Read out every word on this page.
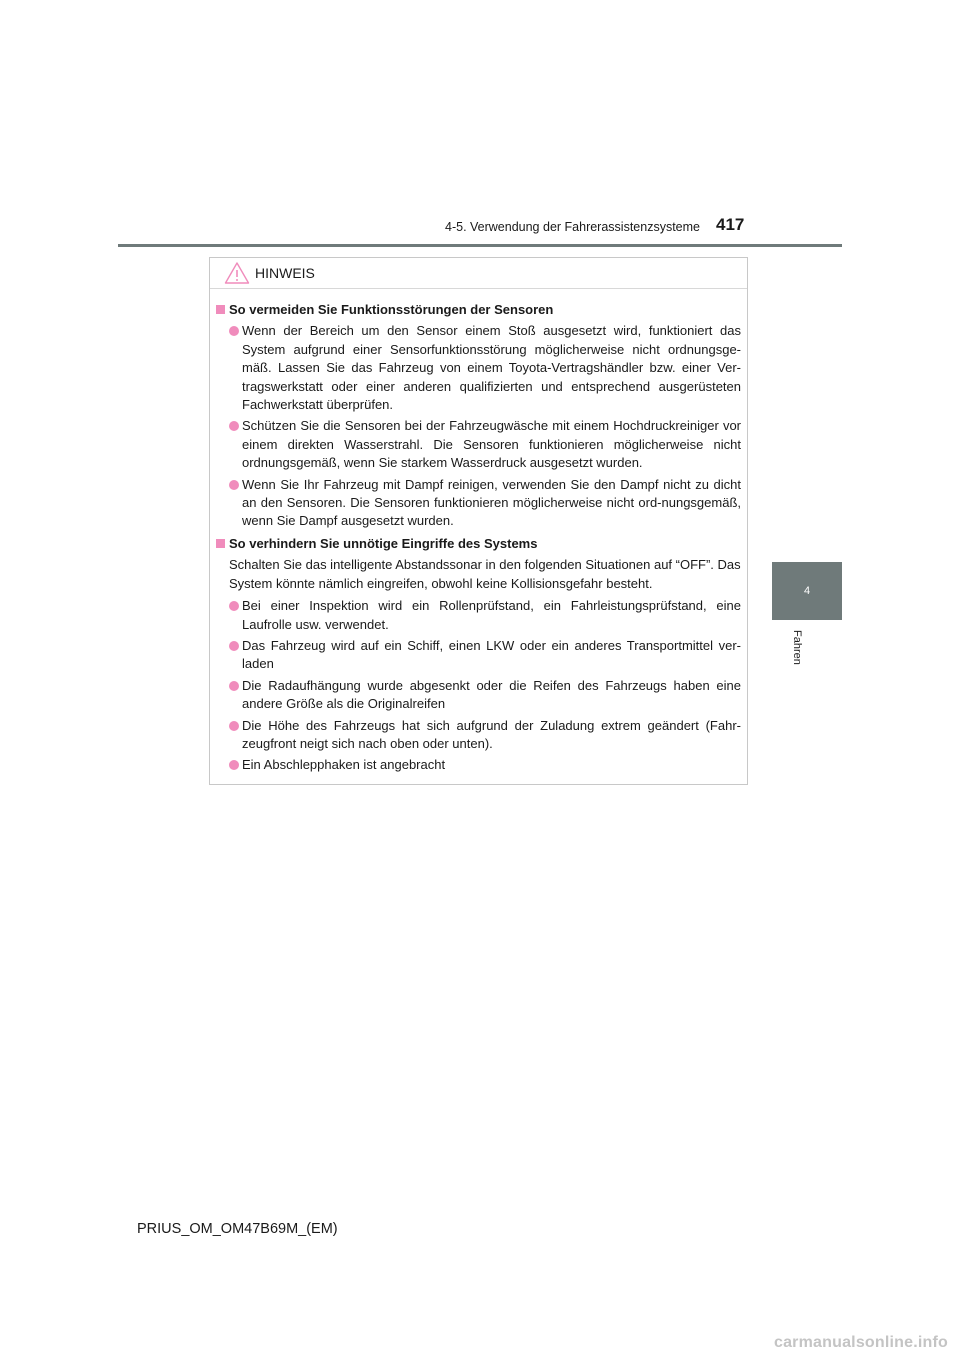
4-5. Verwendung der Fahrerassistenzsysteme 417
4
Fahren
HINWEIS
So vermeiden Sie Funktionsstörungen der Sensoren
Wenn der Bereich um den Sensor einem Stoß ausgesetzt wird, funktioniert das System aufgrund einer Sensorfunktionsstörung möglicherweise nicht ordnungsge-mäß. Lassen Sie das Fahrzeug von einem Toyota-Vertragshändler bzw. einer Ver-tragswerkstatt oder einer anderen qualifizierten und entsprechend ausgerüsteten Fachwerkstatt überprüfen.
Schützen Sie die Sensoren bei der Fahrzeugwäsche mit einem Hochdruckreiniger vor einem direkten Wasserstrahl. Die Sensoren funktionieren möglicherweise nicht ordnungsgemäß, wenn Sie starkem Wasserdruck ausgesetzt wurden.
Wenn Sie Ihr Fahrzeug mit Dampf reinigen, verwenden Sie den Dampf nicht zu dicht an den Sensoren. Die Sensoren funktionieren möglicherweise nicht ord-nungsgemäß, wenn Sie Dampf ausgesetzt wurden.
So verhindern Sie unnötige Eingriffe des Systems
Schalten Sie das intelligente Abstandssonar in den folgenden Situationen auf “OFF”. Das System könnte nämlich eingreifen, obwohl keine Kollisionsgefahr besteht.
Bei einer Inspektion wird ein Rollenprüfstand, ein Fahrleistungsprüfstand, eine Laufrolle usw. verwendet.
Das Fahrzeug wird auf ein Schiff, einen LKW oder ein anderes Transportmittel ver-laden
Die Radaufhängung wurde abgesenkt oder die Reifen des Fahrzeugs haben eine andere Größe als die Originalreifen
Die Höhe des Fahrzeugs hat sich aufgrund der Zuladung extrem geändert (Fahr-zeugfront neigt sich nach oben oder unten).
Ein Abschlepphaken ist angebracht
PRIUS_OM_OM47B69M_(EM)
carmanualsonline.info
